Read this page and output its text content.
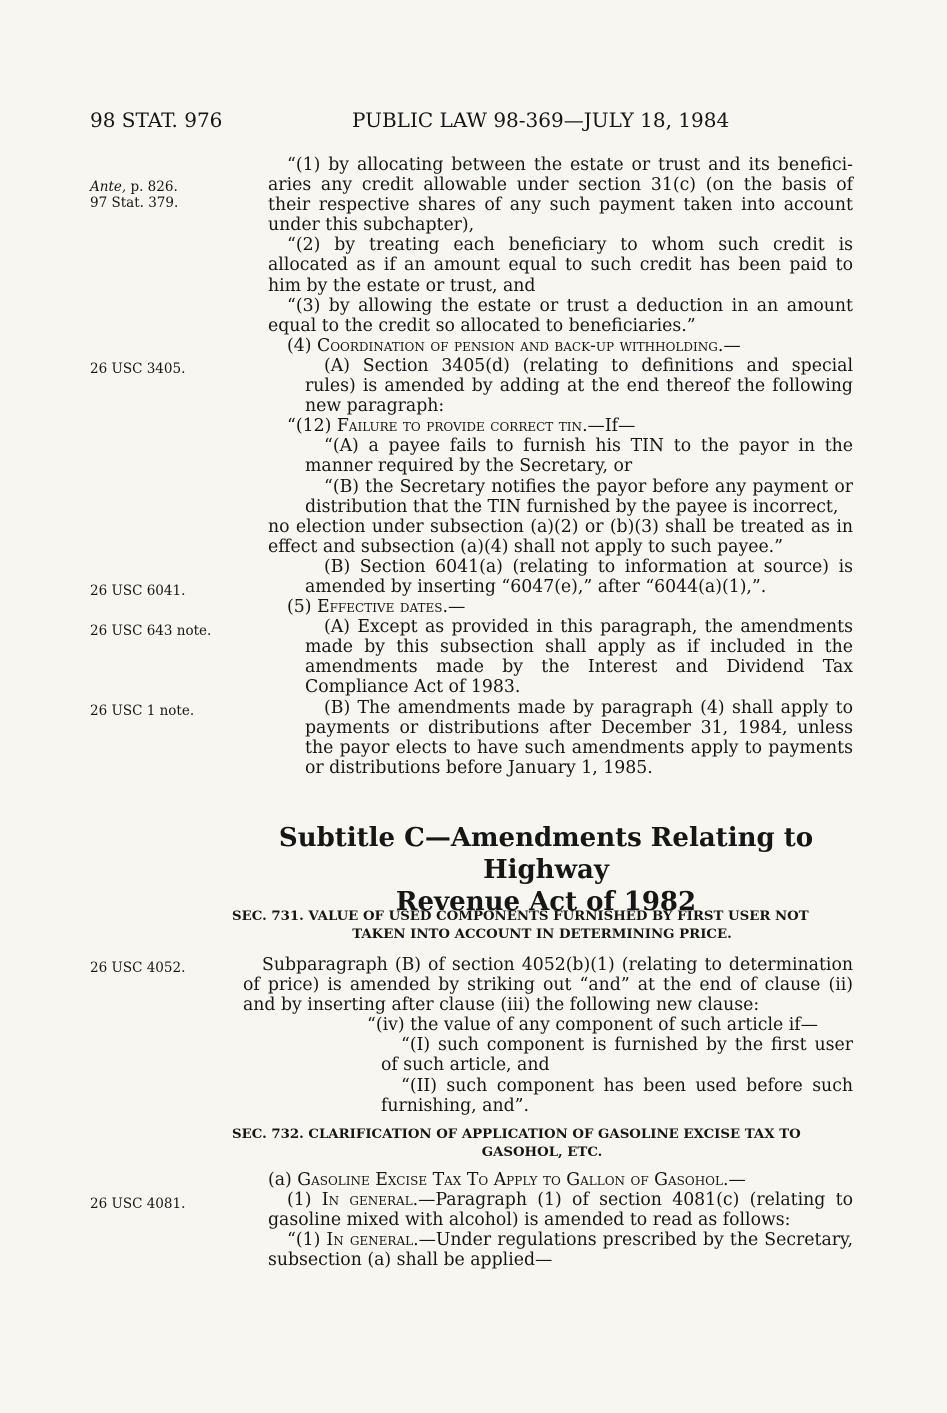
98 STAT. 976	PUBLIC LAW 98-369—JULY 18, 1984
Ante, p. 826.
97 Stat. 379.
26 USC 3405.
26 USC 6041.
26 USC 643 note.
26 USC 1 note.
26 USC 4052.
26 USC 4081.
“(1) by allocating between the estate or trust and its beneficiaries any credit allowable under section 31(c) (on the basis of their respective shares of any such payment taken into account under this subchapter),
“(2) by treating each beneficiary to whom such credit is allocated as if an amount equal to such credit has been paid to him by the estate or trust, and
“(3) by allowing the estate or trust a deduction in an amount equal to the credit so allocated to beneficiaries.”
(4) Coordination of pension and back-up withholding.—
(A) Section 3405(d) (relating to definitions and special rules) is amended by adding at the end thereof the following new paragraph:
“(12) Failure to provide correct tin.—If—
“(A) a payee fails to furnish his TIN to the payor in the manner required by the Secretary, or
“(B) the Secretary notifies the payor before any payment or distribution that the TIN furnished by the payee is incorrect,
no election under subsection (a)(2) or (b)(3) shall be treated as in effect and subsection (a)(4) shall not apply to such payee.”
(B) Section 6041(a) (relating to information at source) is amended by inserting “6047(e),” after “6044(a)(1),”.
(5) Effective dates.—
(A) Except as provided in this paragraph, the amendments made by this subsection shall apply as if included in the amendments made by the Interest and Dividend Tax Compliance Act of 1983.
(B) The amendments made by paragraph (4) shall apply to payments or distributions after December 31, 1984, unless the payor elects to have such amendments apply to payments or distributions before January 1, 1985.
Subtitle C—Amendments Relating to Highway
Revenue Act of 1982
SEC. 731. VALUE OF USED COMPONENTS FURNISHED BY FIRST USER NOT
TAKEN INTO ACCOUNT IN DETERMINING PRICE.
Subparagraph (B) of section 4052(b)(1) (relating to determination of price) is amended by striking out “and” at the end of clause (ii) and by inserting after clause (iii) the following new clause:
“(iv) the value of any component of such article if—
“(I) such component is furnished by the first user of such article, and
“(II) such component has been used before such furnishing, and”.
SEC. 732. CLARIFICATION OF APPLICATION OF GASOLINE EXCISE TAX TO
GASOHOL, ETC.
(a) Gasoline Excise Tax To Apply to Gallon of Gasohol.—
(1) In general.—Paragraph (1) of section 4081(c) (relating to gasoline mixed with alcohol) is amended to read as follows:
“(1) In general.—Under regulations prescribed by the Secretary, subsection (a) shall be applied—
